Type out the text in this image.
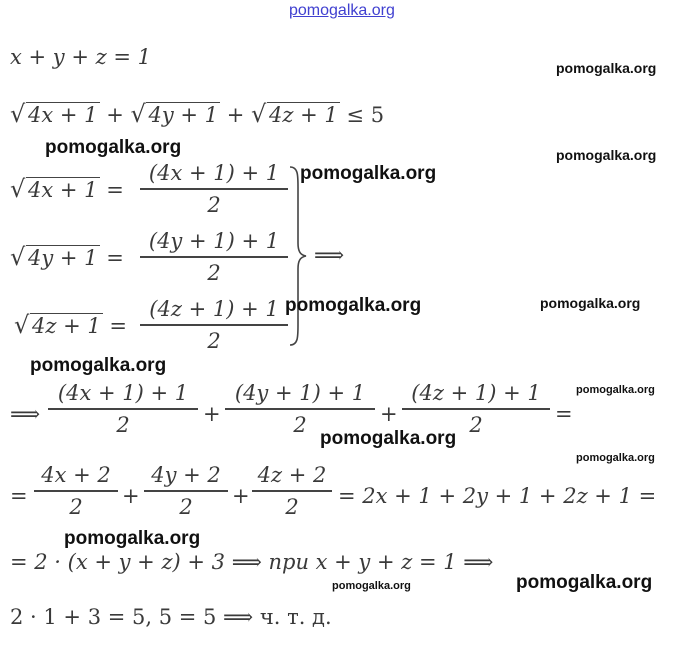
pomogalka.org
x + y + z = 1	pomogalka.org
√ 4x + 1 + √ 4y + 1 + √ 4z + 1 ≤ 5
pomogalka.org	pomogalka.org
√ 4x + 1 =
(4x + 1) + 1
2
pomogalka.org
√ 4y + 1 =
(4y + 1) + 1
2
⟹
√ 4z + 1 =
(4z + 1) + 1
2
pomogalka.org	pomogalka.org
pomogalka.org
⟹
(4x + 1) + 1
2	+
(4y + 1) + 1
2	+
(4z + 1) + 1
2	=
pomogalka.org
pomogalka.org
pomogalka.org
=
4x + 2
2	+
4y + 2
2	+
4z + 2
2	= 2x + 1 + 2y + 1 + 2z + 1 =
pomogalka.org
= 2 · (x + y + z) + 3 ⟹ при x + y + z = 1 ⟹
pomogalka.org	pomogalka.org
2 · 1 + 3 = 5, 5 = 5 ⟹ ч. т. д.
